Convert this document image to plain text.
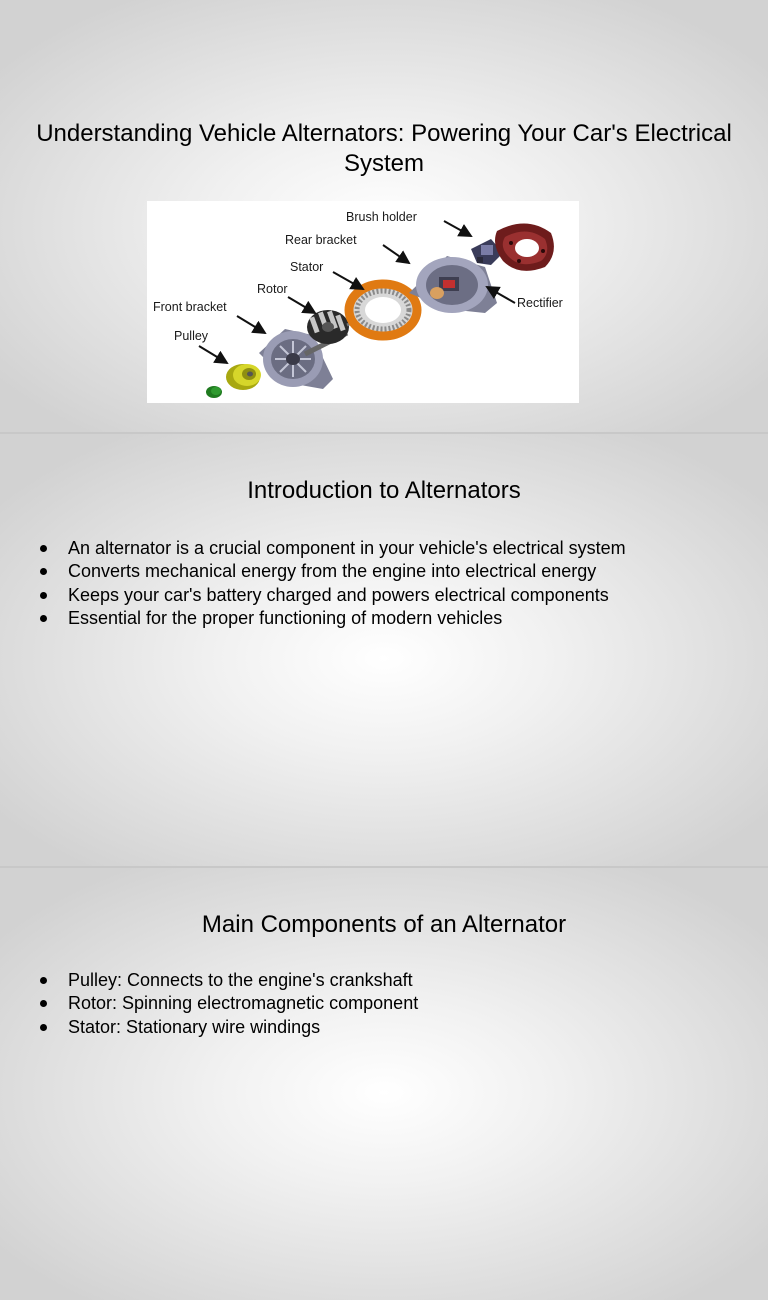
Understanding Vehicle Alternators: Powering Your Car's Electrical System
Brush holder
Rear bracket
Stator
Rotor
Front bracket
Pulley
Rectifier
Introduction to Alternators
An alternator is a crucial component in your vehicle's electrical system
Converts mechanical energy from the engine into electrical energy
Keeps your car's battery charged and powers electrical components
Essential for the proper functioning of modern vehicles
Main Components of an Alternator
Pulley: Connects to the engine's crankshaft
Rotor: Spinning electromagnetic component
Stator: Stationary wire windings
